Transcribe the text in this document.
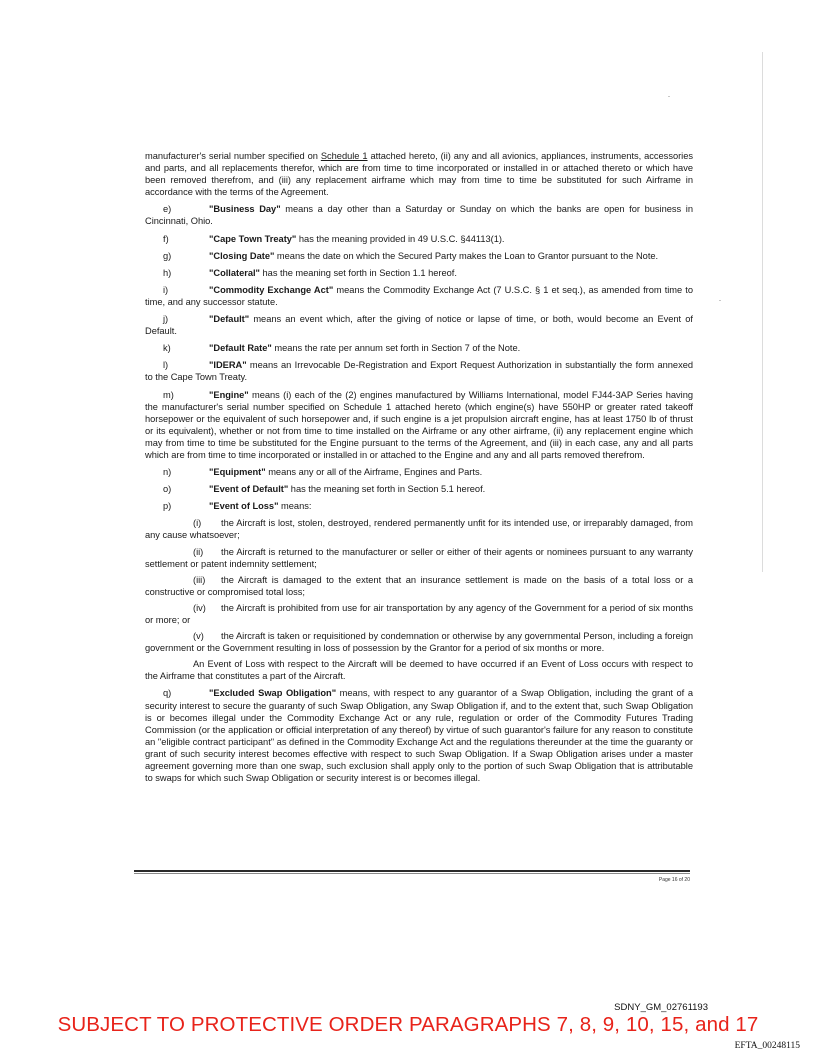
manufacturer's serial number specified on Schedule 1 attached hereto, (ii) any and all avionics, appliances, instruments, accessories and parts, and all replacements therefor, which are from time to time incorporated or installed in or attached thereto or which have been removed therefrom, and (iii) any replacement airframe which may from time to time be substituted for such Airframe in accordance with the terms of the Agreement.

e)	"Business Day" means a day other than a Saturday or Sunday on which the banks are open for business in Cincinnati, Ohio.

f)	"Cape Town Treaty" has the meaning provided in 49 U.S.C. §44113(1).

g)	"Closing Date" means the date on which the Secured Party makes the Loan to Grantor pursuant to the Note.

h)	"Collateral" has the meaning set forth in Section 1.1 hereof.

i)	"Commodity Exchange Act" means the Commodity Exchange Act (7 U.S.C. § 1 et seq.), as amended from time to time, and any successor statute.

j)	"Default" means an event which, after the giving of notice or lapse of time, or both, would become an Event of Default.

k)	"Default Rate" means the rate per annum set forth in Section 7 of the Note.

l)	"IDERA" means an Irrevocable De-Registration and Export Request Authorization in substantially the form annexed to the Cape Town Treaty.

m)	"Engine" means (i) each of the (2) engines manufactured by Williams International, model FJ44-3AP Series having the manufacturer's serial number specified on Schedule 1 attached hereto (which engine(s) have 550HP or greater rated takeoff horsepower or the equivalent of such horsepower and, if such engine is a jet propulsion aircraft engine, has at least 1750 lb of thrust or its equivalent), whether or not from time to time installed on the Airframe or any other airframe, (ii) any replacement engine which may from time to time be substituted for the Engine pursuant to the terms of the Agreement, and (iii) in each case, any and all parts which are from time to time incorporated or installed in or attached to the Engine and any and all parts removed therefrom.

n)	"Equipment" means any or all of the Airframe, Engines and Parts.

o)	"Event of Default" has the meaning set forth in Section 5.1 hereof.

p)	"Event of Loss" means:

(i) the Aircraft is lost, stolen, destroyed, rendered permanently unfit for its intended use, or irreparably damaged, from any cause whatsoever;

(ii) the Aircraft is returned to the manufacturer or seller or either of their agents or nominees pursuant to any warranty settlement or patent indemnity settlement;

(iii) the Aircraft is damaged to the extent that an insurance settlement is made on the basis of a total loss or a constructive or compromised total loss;

(iv) the Aircraft is prohibited from use for air transportation by any agency of the Government for a period of six months or more; or

(v) the Aircraft is taken or requisitioned by condemnation or otherwise by any governmental Person, including a foreign government or the Government resulting in loss of possession by the Grantor for a period of six months or more.

An Event of Loss with respect to the Aircraft will be deemed to have occurred if an Event of Loss occurs with respect to the Airframe that constitutes a part of the Aircraft.

q)	"Excluded Swap Obligation" means, with respect to any guarantor of a Swap Obligation, including the grant of a security interest to secure the guaranty of such Swap Obligation, any Swap Obligation if, and to the extent that, such Swap Obligation is or becomes illegal under the Commodity Exchange Act or any rule, regulation or order of the Commodity Futures Trading Commission (or the application or official interpretation of any thereof) by virtue of such guarantor's failure for any reason to constitute an "eligible contract participant" as defined in the Commodity Exchange Act and the regulations thereunder at the time the guaranty or grant of such security interest becomes effective with respect to such Swap Obligation. If a Swap Obligation arises under a master agreement governing more than one swap, such exclusion shall apply only to the portion of such Swap Obligation that is attributable to swaps for which such Swap Obligation or security interest is or becomes illegal.

Page 16 of 20
SDNY_GM_02761193
SUBJECT TO PROTECTIVE ORDER PARAGRAPHS 7, 8, 9, 10, 15, and 17
EFTA_00248115
